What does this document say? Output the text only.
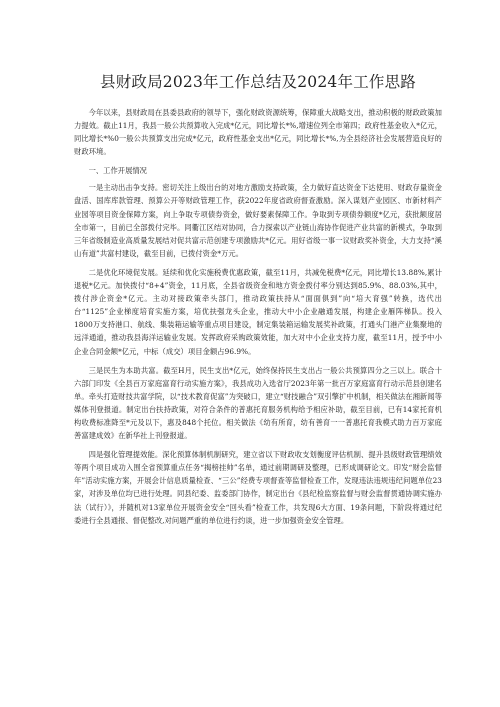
县财政局2023年工作总结及2024年工作思路

今年以来，县财政局在县委县政府的领导下，强化财政资源统筹，保障重大战略支出，推动积极的财政政策加力提效。截止11月，我县一般公共预算收入完成*亿元，同比增长*%,增速位列全市第四；政府性基金收入*亿元，同比增长*%0一般公共预算支出完成*亿元，政府性基金支出*亿元，同比增长*%,为全县经济社会发展营造良好的财政环境。

一、工作开展情况

一是主动出击争支持。密切关注上级出台的对地方激励支持政策，全力做好直达资金下达使用、财政存量资金盘活、国库库款管理、预算公开等财政管理工作，获2022年度省政府督查激励。深入谋划产业园区、市新材料产业园等项目资金保障方案，向上争取专项债券资金，做好要素保障工作。争取到专项债券额度*亿元，获批额度居全市第一，目前已全部拨付完毕。同衢江区结对协同，合力探索以产业链山海协作促进产业共富的新模式，争取到三年省级制造业高质量发展结对促共富示范创建专项激励共*亿元。用好省级一事一议财政奖补资金，大力支持“溪山有道”共富村建设，截至目前，已拨付资金*万元。

二是优化环境促发展。延续和优化实施税费优惠政策，截至11月，共减免税费*亿元，同比增长13.88%,累计退税*亿元。加快拨付“8+4”资金，11月底，全县省级资金和地方资金拨付率分别达到85.9%、88.03%,其中，拨付涉企资金*亿元。主动对接政策牵头部门，推动政策扶持从“面面俱到”向“培大育强”转换，选代出台“1125”企业梯度培育实施方案，培优扶强龙头企业，推动大中小企业融通发展，构建企业雁阵梯队。投入1800万支持港口、航线、集装箱运输等重点项目建设，制定集装箱运输发展奖补政策，打通头门港产业集聚地的远洋通道，推动我县海洋运输业发展。发挥政府采购政策效能，加大对中小企业支持力度，截至11月，授予中小企业合同金额*亿元，中标（成交）项目金额占96.9%。

三是民生为本助共富。截至H月，民生支出*亿元，始终保持民生支出占一般公共预算四分之三以上。联合十六部门印发《全县百万家庭富育行动实施方案》，我县成功入选省厅2023年第一批百万家庭富育行动示范县创建名单。牵头打造财技共富学院，以“技术教育促富”为突破口，建立“财技融合”双引擎扩中机制，相关做法在湘新闻等媒体刊登报道。制定出台扶持政策，对符合条件的普惠托育服务机构给予相应补助，截至目前，已有14家托育机构收费标准降至*元及以下，惠及848个托位。相关做法《幼有所育，幼有善育一一普惠托育我模式助力百万家庭善富建成效》在新华社上刊登报道。

四是强化管理提效能。深化预算体制机制研究，建立省以下财政收支划衡度评估机制、提升县级财政管理绩效等两个项目成功入围全省预算重点任务“揭榜挂帅”名单，通过前期调研及整理，已形成调研论文。印发“财会监督年”活动实施方案，开展会计信息质量检查、“三公”经费专项督查等监督检查工作，发现违法违规违纪问题单位23家，对涉及单位均已进行处理。同县纪委、监委部门协作，制定出台《县纪检监察监督与财会监督贯通协调实施办法（试行）》，并随机对13家单位开展资金安全“回头看”检查工作，共发现6大方面、19条问题，下阶段将通过纪委进行全县通报、督促整改,对问题严重的单位进行约谈，进一步加强资金安全管理。
